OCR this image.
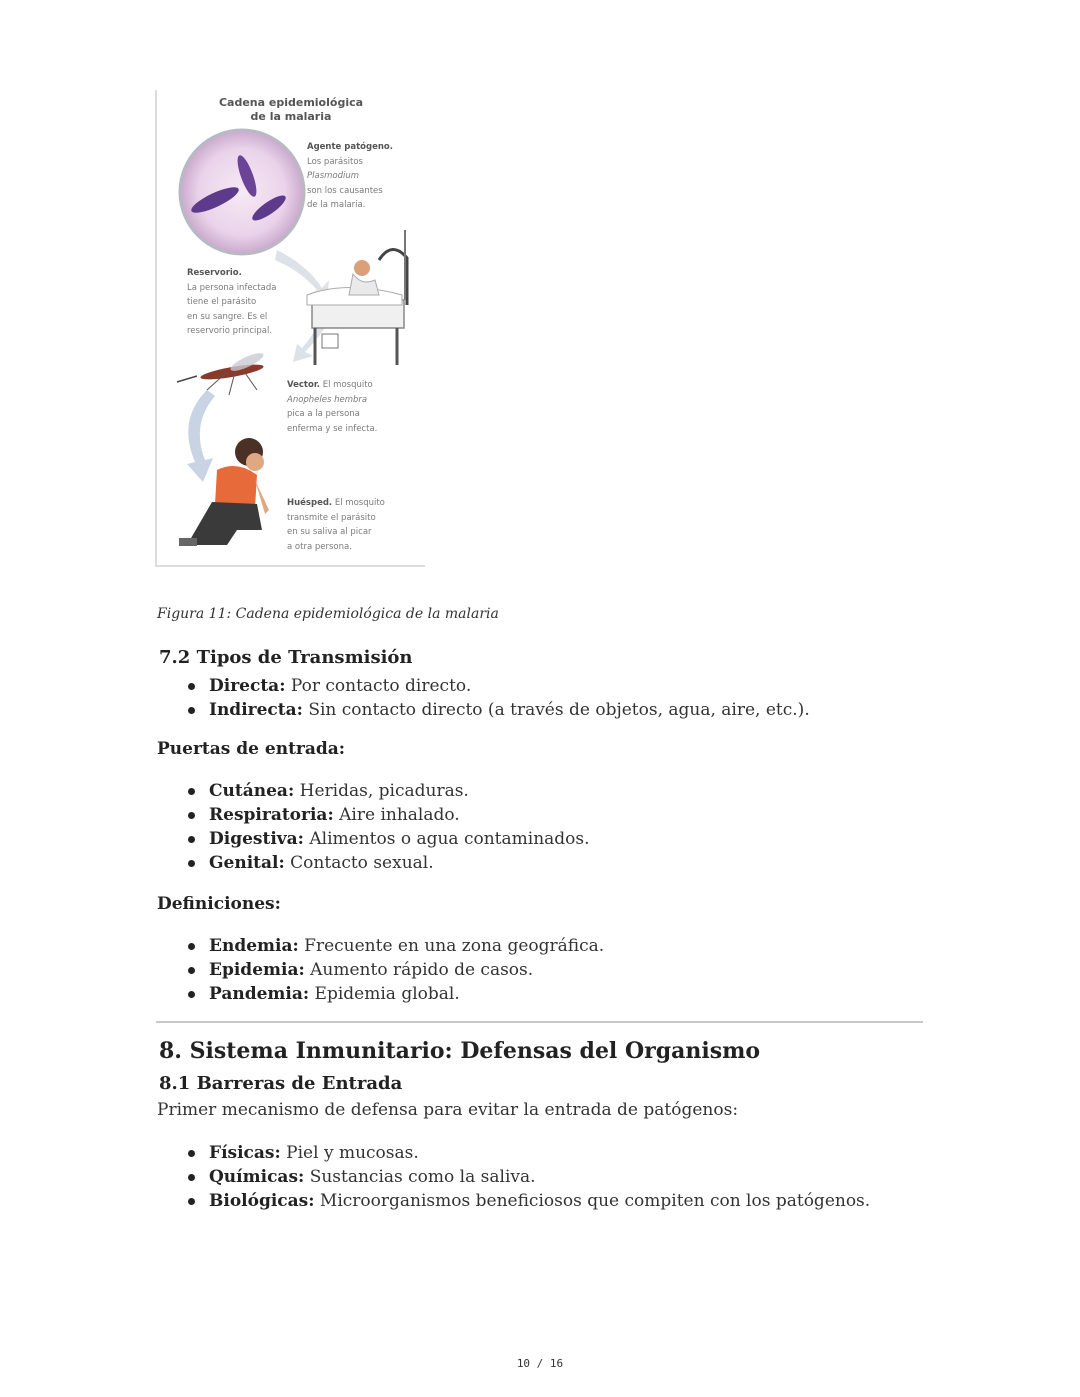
Cadena epidemiológica
de la malaria
Agente patógeno.
Los parásitos
Plasmodium
son los causantes
de la malaria.
Reservorio.
La persona infectada
tiene el parásito
en su sangre. Es el
reservorio principal.
Vector. El mosquito
Anopheles hembra
pica a la persona
enferma y se infecta.
Huésped. El mosquito
transmite el parásito
en su saliva al picar
a otra persona.
Figura 11: Cadena epidemiológica de la malaria
7.2 Tipos de Transmisión
Directa: Por contacto directo.
Indirecta: Sin contacto directo (a través de objetos, agua, aire, etc.).
Puertas de entrada:
Cutánea: Heridas, picaduras.
Respiratoria: Aire inhalado.
Digestiva: Alimentos o agua contaminados.
Genital: Contacto sexual.
Definiciones:
Endemia: Frecuente en una zona geográfica.
Epidemia: Aumento rápido de casos.
Pandemia: Epidemia global.
8. Sistema Inmunitario: Defensas del Organismo
8.1 Barreras de Entrada
Primer mecanismo de defensa para evitar la entrada de patógenos:
Físicas: Piel y mucosas.
Químicas: Sustancias como la saliva.
Biológicas: Microorganismos beneficiosos que compiten con los patógenos.
10 / 16
